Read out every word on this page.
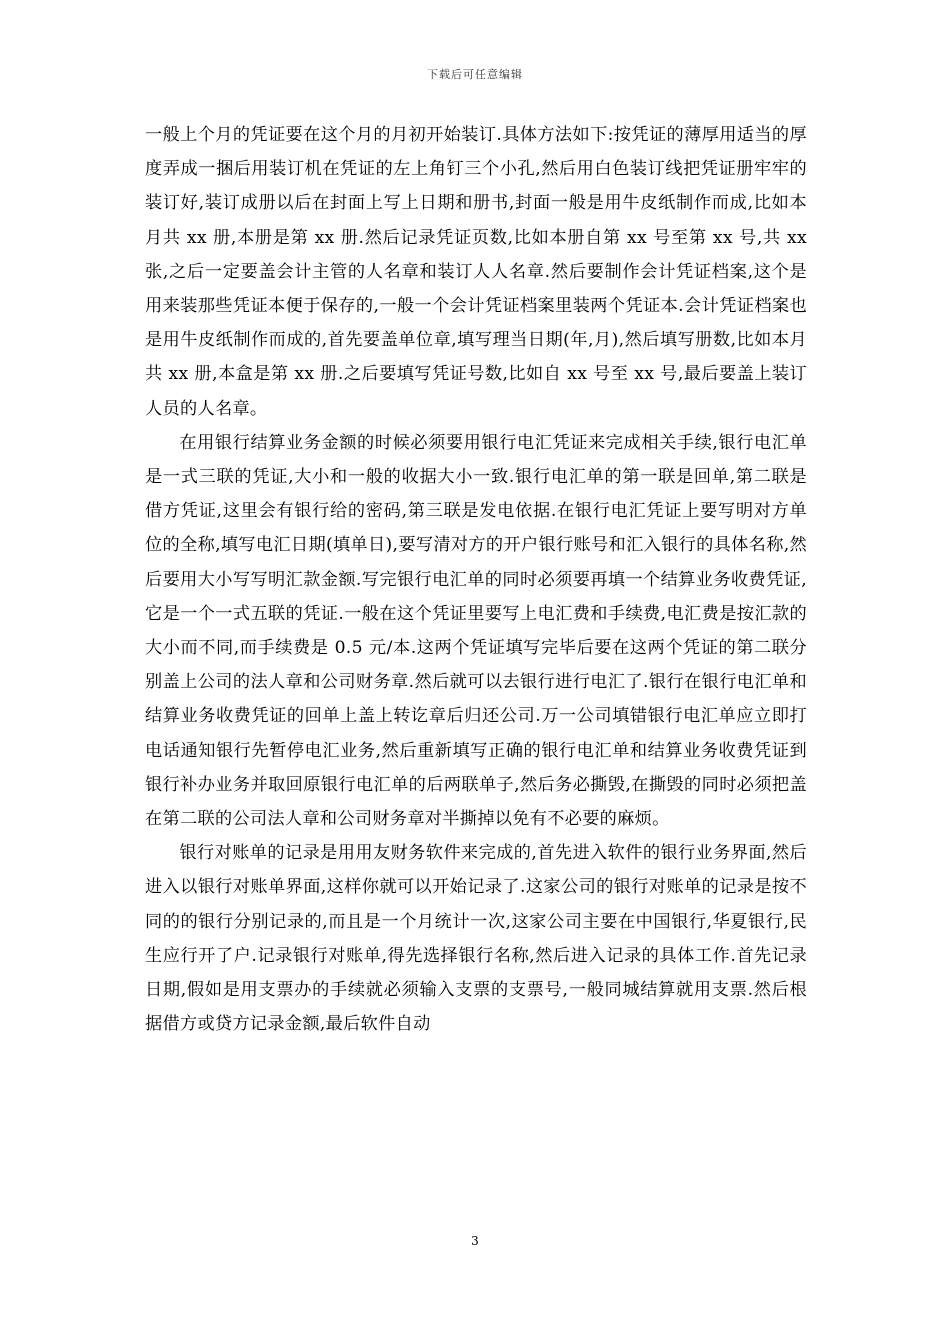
下载后可任意编辑

一般上个月的凭证要在这个月的月初开始装订.具体方法如下:按凭证的薄厚用适当的厚度弄成一捆后用装订机在凭证的左上角钉三个小孔,然后用白色装订线把凭证册牢牢的装订好,装订成册以后在封面上写上日期和册书,封面一般是用牛皮纸制作而成,比如本月共 xx 册,本册是第 xx 册.然后记录凭证页数,比如本册自第 xx 号至第 xx 号,共 xx 张,之后一定要盖会计主管的人名章和装订人人名章.然后要制作会计凭证档案,这个是用来装那些凭证本便于保存的,一般一个会计凭证档案里装两个凭证本.会计凭证档案也是用牛皮纸制作而成的,首先要盖单位章,填写理当日期(年,月),然后填写册数,比如本月共 xx 册,本盒是第 xx 册.之后要填写凭证号数,比如自 xx 号至 xx 号,最后要盖上装订人员的人名章。

在用银行结算业务金额的时候必须要用银行电汇凭证来完成相关手续,银行电汇单是一式三联的凭证,大小和一般的收据大小一致.银行电汇单的第一联是回单,第二联是借方凭证,这里会有银行给的密码,第三联是发电依据.在银行电汇凭证上要写明对方单位的全称,填写电汇日期(填单日),要写清对方的开户银行账号和汇入银行的具体名称,然后要用大小写写明汇款金额.写完银行电汇单的同时必须要再填一个结算业务收费凭证,它是一个一式五联的凭证.一般在这个凭证里要写上电汇费和手续费,电汇费是按汇款的大小而不同,而手续费是 0.5 元/本.这两个凭证填写完毕后要在这两个凭证的第二联分别盖上公司的法人章和公司财务章.然后就可以去银行进行电汇了.银行在银行电汇单和结算业务收费凭证的回单上盖上转讫章后归还公司.万一公司填错银行电汇单应立即打电话通知银行先暂停电汇业务,然后重新填写正确的银行电汇单和结算业务收费凭证到银行补办业务并取回原银行电汇单的后两联单子,然后务必撕毁,在撕毁的同时必须把盖在第二联的公司法人章和公司财务章对半撕掉以免有不必要的麻烦。

银行对账单的记录是用用友财务软件来完成的,首先进入软件的银行业务界面,然后进入以银行对账单界面,这样你就可以开始记录了.这家公司的银行对账单的记录是按不同的的银行分别记录的,而且是一个月统计一次,这家公司主要在中国银行,华夏银行,民生应行开了户.记录银行对账单,得先选择银行名称,然后进入记录的具体工作.首先记录日期,假如是用支票办的手续就必须输入支票的支票号,一般同城结算就用支票.然后根据借方或贷方记录金额,最后软件自动

3
